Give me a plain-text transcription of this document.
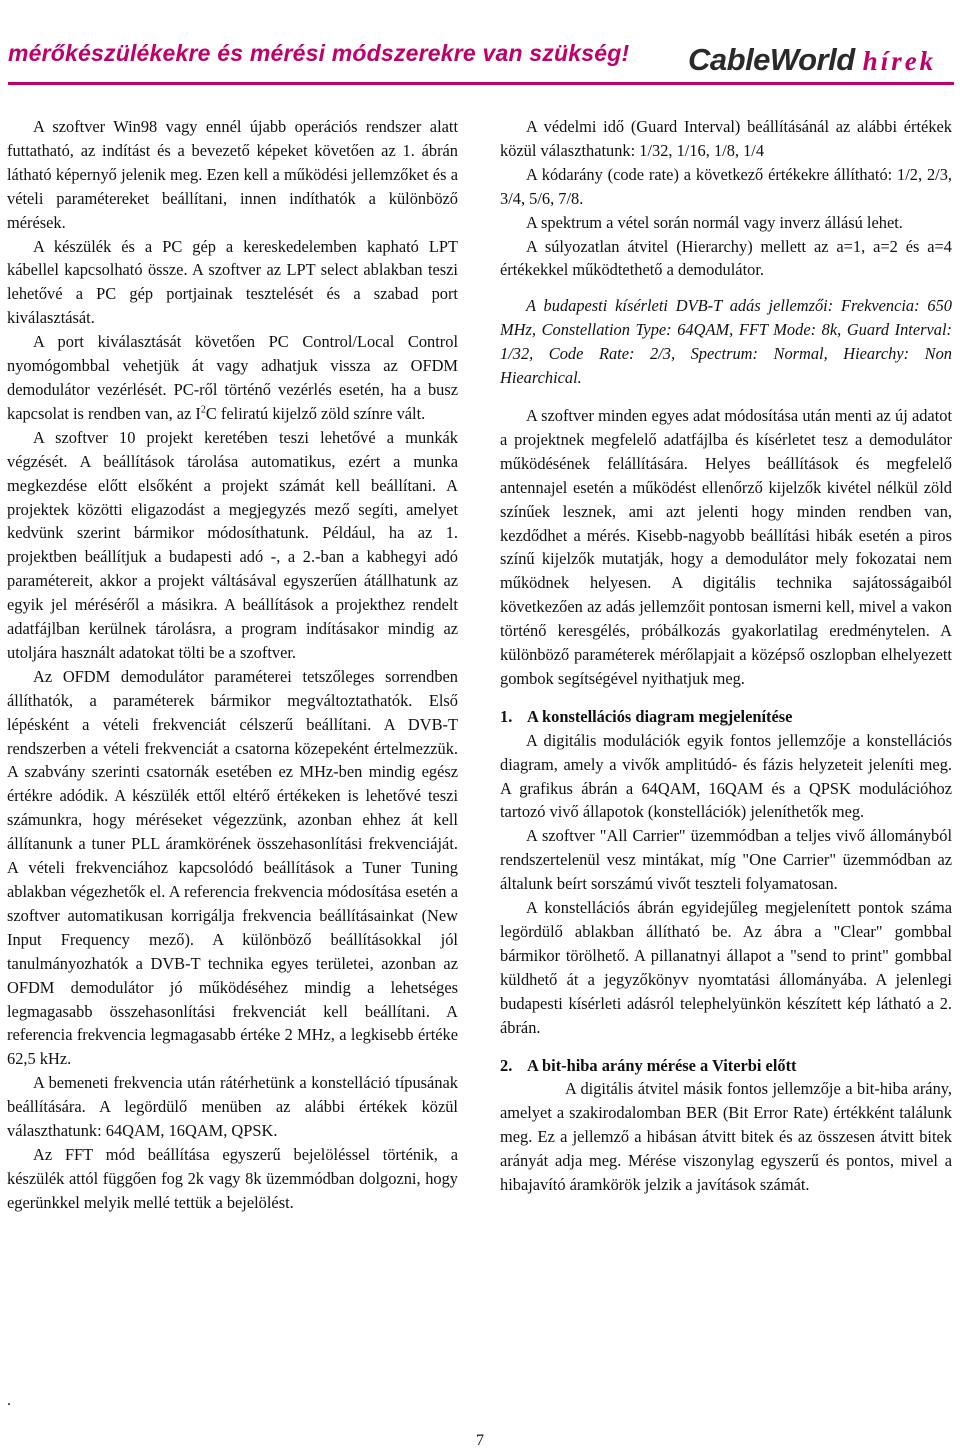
mérőkészülékekre és mérési módszerekre van szükség! CableWorld hírek

A szoftver Win98 vagy ennél újabb operációs rendszer alatt futtatható, az indítást és a bevezető képeket követően az 1. ábrán látható képernyő jelenik meg. Ezen kell a működési jellemzőket és a vételi paramétereket beállítani, innen indíthatók a különböző mérések.

A készülék és a PC gép a kereskedelemben kapható LPT kábellel kapcsolható össze. A szoftver az LPT select ablakban teszi lehetővé a PC gép portjainak tesztelését és a szabad port kiválasztását.

A port kiválasztását követően PC Control/Local Control nyomógombbal vehetjük át vagy adhatjuk vissza az OFDM demodulátor vezérlését. PC-ről történő vezérlés esetén, ha a busz kapcsolat is rendben van, az $I^2C$ feliratú kijelző zöld színre vált.

A szoftver 10 projekt keretében teszi lehetővé a munkák végzését. A beállítások tárolása automatikus, ezért a munka megkezdése előtt elsőként a projekt számát kell beállítani. A projektek közötti eligazodást a megjegyzés mező segíti, amelyet kedvünk szerint bármikor módosíthatunk. Például, ha az 1. projektben beállítjuk a budapesti adó -, a 2.-ban a kabhegyi adó paramétereit, akkor a projekt váltásával egyszerűen átállhatunk az egyik jel méréséről a másikra. A beállítások a projekthez rendelt adatfájlban kerülnek tárolásra, a program indításakor mindig az utoljára használt adatokat tölti be a szoftver.

Az OFDM demodulátor paraméterei tetszőleges sorrendben állíthatók, a paraméterek bármikor megváltoztathatók. Első lépésként a vételi frekvenciát célszerű beállítani. A DVB-T rendszerben a vételi frekvenciát a csatorna közepeként értelmezzük. A szabvány szerinti csatornák esetében ez MHz-ben mindig egész értékre adódik. A készülék ettől eltérő értékeken is lehetővé teszi számunkra, hogy méréseket végezzünk, azonban ehhez át kell állítanunk a tuner PLL áramkörének összehasonlítási frekvenciáját. A vételi frekvenciához kapcsolódó beállítások a Tuner Tuning ablakban végezhetők el. A referencia frekvencia módosítása esetén a szoftver automatikusan korrigálja frekvencia beállításainkat (New Input Frequency mező). A különböző beállításokkal jól tanulmányozhatók a DVB-T technika egyes területei, azonban az OFDM demodulátor jó működéséhez mindig a lehetséges legmagasabb összehasonlítási frekvenciát kell beállítani. A referencia frekvencia legmagasabb értéke 2 MHz, a legkisebb értéke 62,5 kHz.

A bemeneti frekvencia után rátérhetünk a konstelláció típusának beállítására. A legördülő menüben az alábbi értékek közül választhatunk: 64QAM, 16QAM, QPSK.

Az FFT mód beállítása egyszerű bejelöléssel történik, a készülék attól függően fog 2k vagy 8k üzemmódban dolgozni, hogy egerünkkel melyik mellé tettük a bejelölést.

A védelmi idő (Guard Interval) beállításánál az alábbi értékek közül választhatunk: 1/32, 1/16, 1/8, 1/4

A kódarány (code rate) a következő értékekre állítható: 1/2, 2/3, 3/4, 5/6, 7/8.

A spektrum a vétel során normál vagy inverz állású lehet.

A súlyozatlan átvitel (Hierarchy) mellett az a=1, a=2 és a=4 értékekkel működtethető a demodulátor.

A budapesti kísérleti DVB-T adás jellemzői: Frekvencia: 650 MHz, Constellation Type: 64QAM, FFT Mode: 8k, Guard Interval: 1/32, Code Rate: 2/3, Spectrum: Normal, Hiearchy: Non Hiearchical.

A szoftver minden egyes adat módosítása után menti az új adatot a projektnek megfelelő adatfájlba és kísérletet tesz a demodulátor működésének felállítására. Helyes beállítások és megfelelő antennajel esetén a működést ellenőrző kijelzők kivétel nélkül zöld színűek lesznek, ami azt jelenti hogy minden rendben van, kezdődhet a mérés. Kisebb-nagyobb beállítási hibák esetén a piros színű kijelzők mutatják, hogy a demodulátor mely fokozatai nem működnek helyesen. A digitális technika sajátosságaiból következően az adás jellemzőit pontosan ismerni kell, mivel a vakon történő keresgélés, próbálkozás gyakorlatilag eredménytelen. A különböző paraméterek mérőlapjait a középső oszlopban elhelyezett gombok segítségével nyithatjuk meg.

1. A konstellációs diagram megjelenítése

A digitális modulációk egyik fontos jellemzője a konstellációs diagram, amely a vivők amplitúdó- és fázis helyzeteit jeleníti meg. A grafikus ábrán a 64QAM, 16QAM és a QPSK modulációhoz tartozó vivő állapotok (konstellációk) jeleníthetők meg.

A szoftver "All Carrier" üzemmódban a teljes vivő állományból rendszertelenül vesz mintákat, míg "One Carrier" üzemmódban az általunk beírt sorszámú vivőt teszteli folyamatosan.

A konstellációs ábrán egyidejűleg megjelenített pontok száma legördülő ablakban állítható be. Az ábra a "Clear" gombbal bármikor törölhető. A pillanatnyi állapot a "send to print" gombbal küldhető át a jegyzőkönyv nyomtatási állományába. A jelenlegi budapesti kísérleti adásról telephelyünkön készített kép látható a 2. ábrán.

2. A bit-hiba arány mérése a Viterbi előtt

A digitális átvitel másik fontos jellemzője a bit-hiba arány, amelyet a szakirodalomban BER (Bit Error Rate) értékként találunk meg. Ez a jellemző a hibásan átvitt bitek és az összesen átvitt bitek arányát adja meg. Mérése viszonylag egyszerű és pontos, mivel a hibajavító áramkörök jelzik a javítások számát.

.
7
